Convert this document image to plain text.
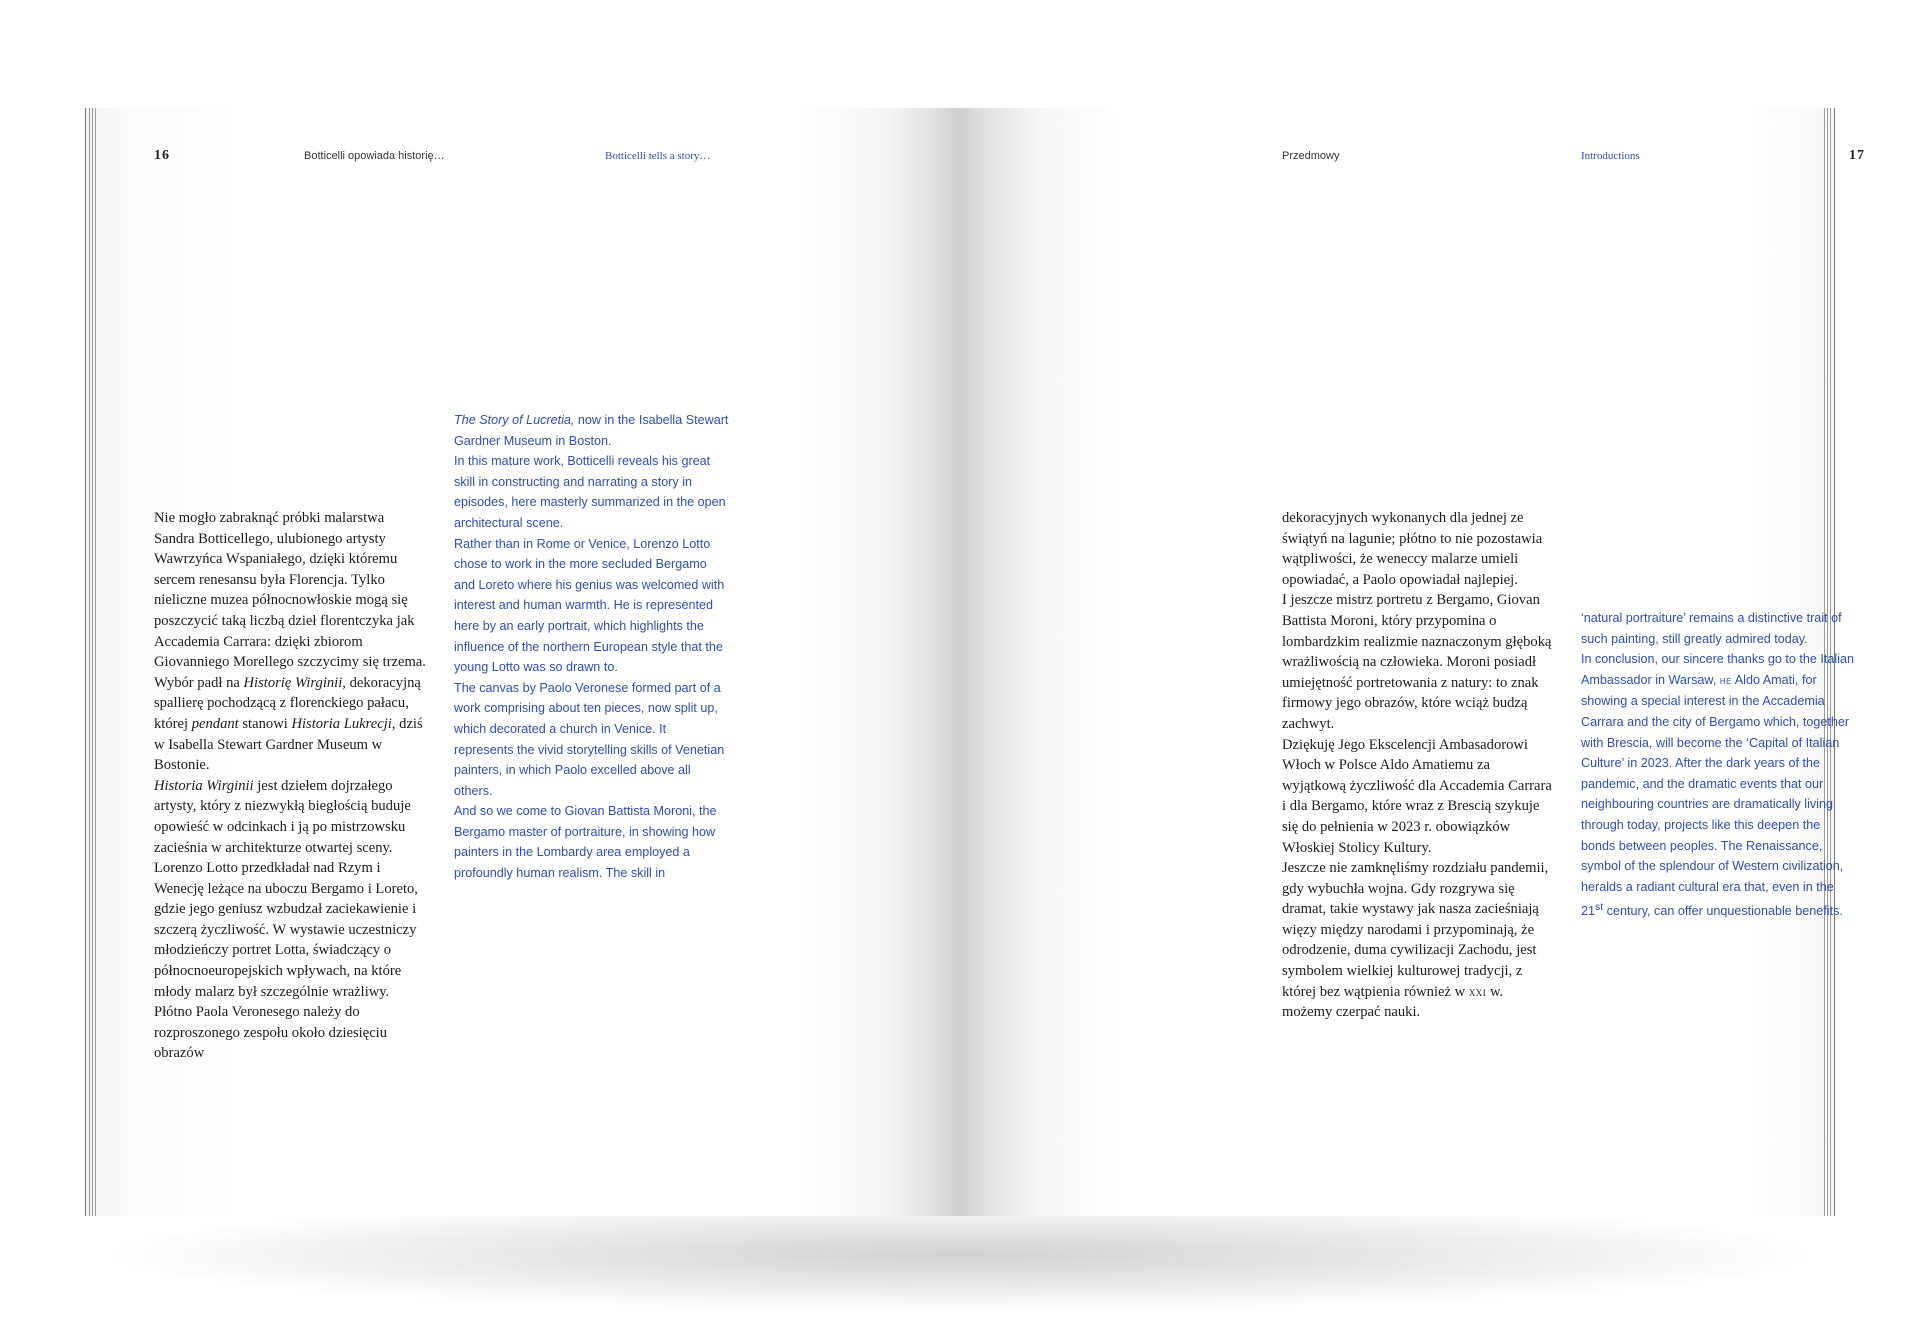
16	Botticelli opowiada historię…	Botticelli tells a story…

Nie mogło zabraknąć próbki malarstwa Sandra Botticellego, ulubionego artysty Wawrzyńca Wspaniałego, dzięki któremu sercem renesansu była Florencja. Tylko nieliczne muzea północnowłoskie mogą się poszczycić taką liczbą dzieł florentczyka jak Accademia Carrara: dzięki zbiorom Giovanniego Morellego szczycimy się trzema. Wybór padł na Historię Wirginii, dekoracyjną spallierę pochodzącą z florenckiego pałacu, której pendant stanowi Historia Lukrecji, dziś w Isabella Stewart Gardner Museum w Bostonie.

Historia Wirginii jest dziełem dojrzałego artysty, który z niezwykłą biegłością buduje opowieść w odcinkach i ją po mistrzowsku zacieśnia w architekturze otwartej sceny.

Lorenzo Lotto przedkładał nad Rzym i Wenecję leżące na uboczu Bergamo i Loreto, gdzie jego geniusz wzbudzał zaciekawienie i szczerą życzliwość. W wystawie uczestniczy młodzieńczy portret Lotta, świadczący o północnoeuropejskich wpływach, na które młody malarz był szczególnie wrażliwy.

Płótno Paola Veronesego należy do rozproszonego zespołu około dziesięciu obrazów

The Story of Lucretia, now in the Isabella Stewart Gardner Museum in Boston.

In this mature work, Botticelli reveals his great skill in constructing and narrating a story in episodes, here masterly summarized in the open architectural scene.

Rather than in Rome or Venice, Lorenzo Lotto chose to work in the more secluded Bergamo and Loreto where his genius was welcomed with interest and human warmth. He is represented here by an early portrait, which highlights the influence of the northern European style that the young Lotto was so drawn to.

The canvas by Paolo Veronese formed part of a work comprising about ten pieces, now split up, which decorated a church in Venice. It represents the vivid storytelling skills of Venetian painters, in which Paolo excelled above all others.

And so we come to Giovan Battista Moroni, the Bergamo master of portraiture, in showing how painters in the Lombardy area employed a profoundly human realism. The skill in

Przedmowy	Introductions	17

dekoracyjnych wykonanych dla jednej ze świątyń na lagunie; płótno to nie pozostawia wątpliwości, że weneccy malarze umieli opowiadać, a Paolo opowiadał najlepiej.

I jeszcze mistrz portretu z Bergamo, Giovan Battista Moroni, który przypomina o lombardzkim realizmie naznaczonym głęboką wrażliwością na człowieka. Moroni posiadł umiejętność portretowania z natury: to znak firmowy jego obrazów, które wciąż budzą zachwyt.

Dziękuję Jego Ekscelencji Ambasadorowi Włoch w Polsce Aldo Amatiemu za wyjątkową życzliwość dla Accademia Carrara i dla Bergamo, które wraz z Brescią szykuje się do pełnienia w 2023 r. obowiązków Włoskiej Stolicy Kultury.

Jeszcze nie zamknęliśmy rozdziału pandemii, gdy wybuchła wojna. Gdy rozgrywa się dramat, takie wystawy jak nasza zacieśniają więzy między narodami i przypominają, że odrodzenie, duma cywilizacji Zachodu, jest symbolem wielkiej kulturowej tradycji, z której bez wątpienia również w xxi w. możemy czerpać nauki.

‘natural portraiture’ remains a distinctive trait of such painting, still greatly admired today.

In conclusion, our sincere thanks go to the Italian Ambassador in Warsaw, he Aldo Amati, for showing a special interest in the Accademia Carrara and the city of Bergamo which, together with Brescia, will become the ‘Capital of Italian Culture’ in 2023. After the dark years of the pandemic, and the dramatic events that our neighbouring countries are dramatically living through today, projects like this deepen the bonds between peoples. The Renaissance, symbol of the splendour of Western civilization, heralds a radiant cultural era that, even in the 21st century, can offer unquestionable benefits.
